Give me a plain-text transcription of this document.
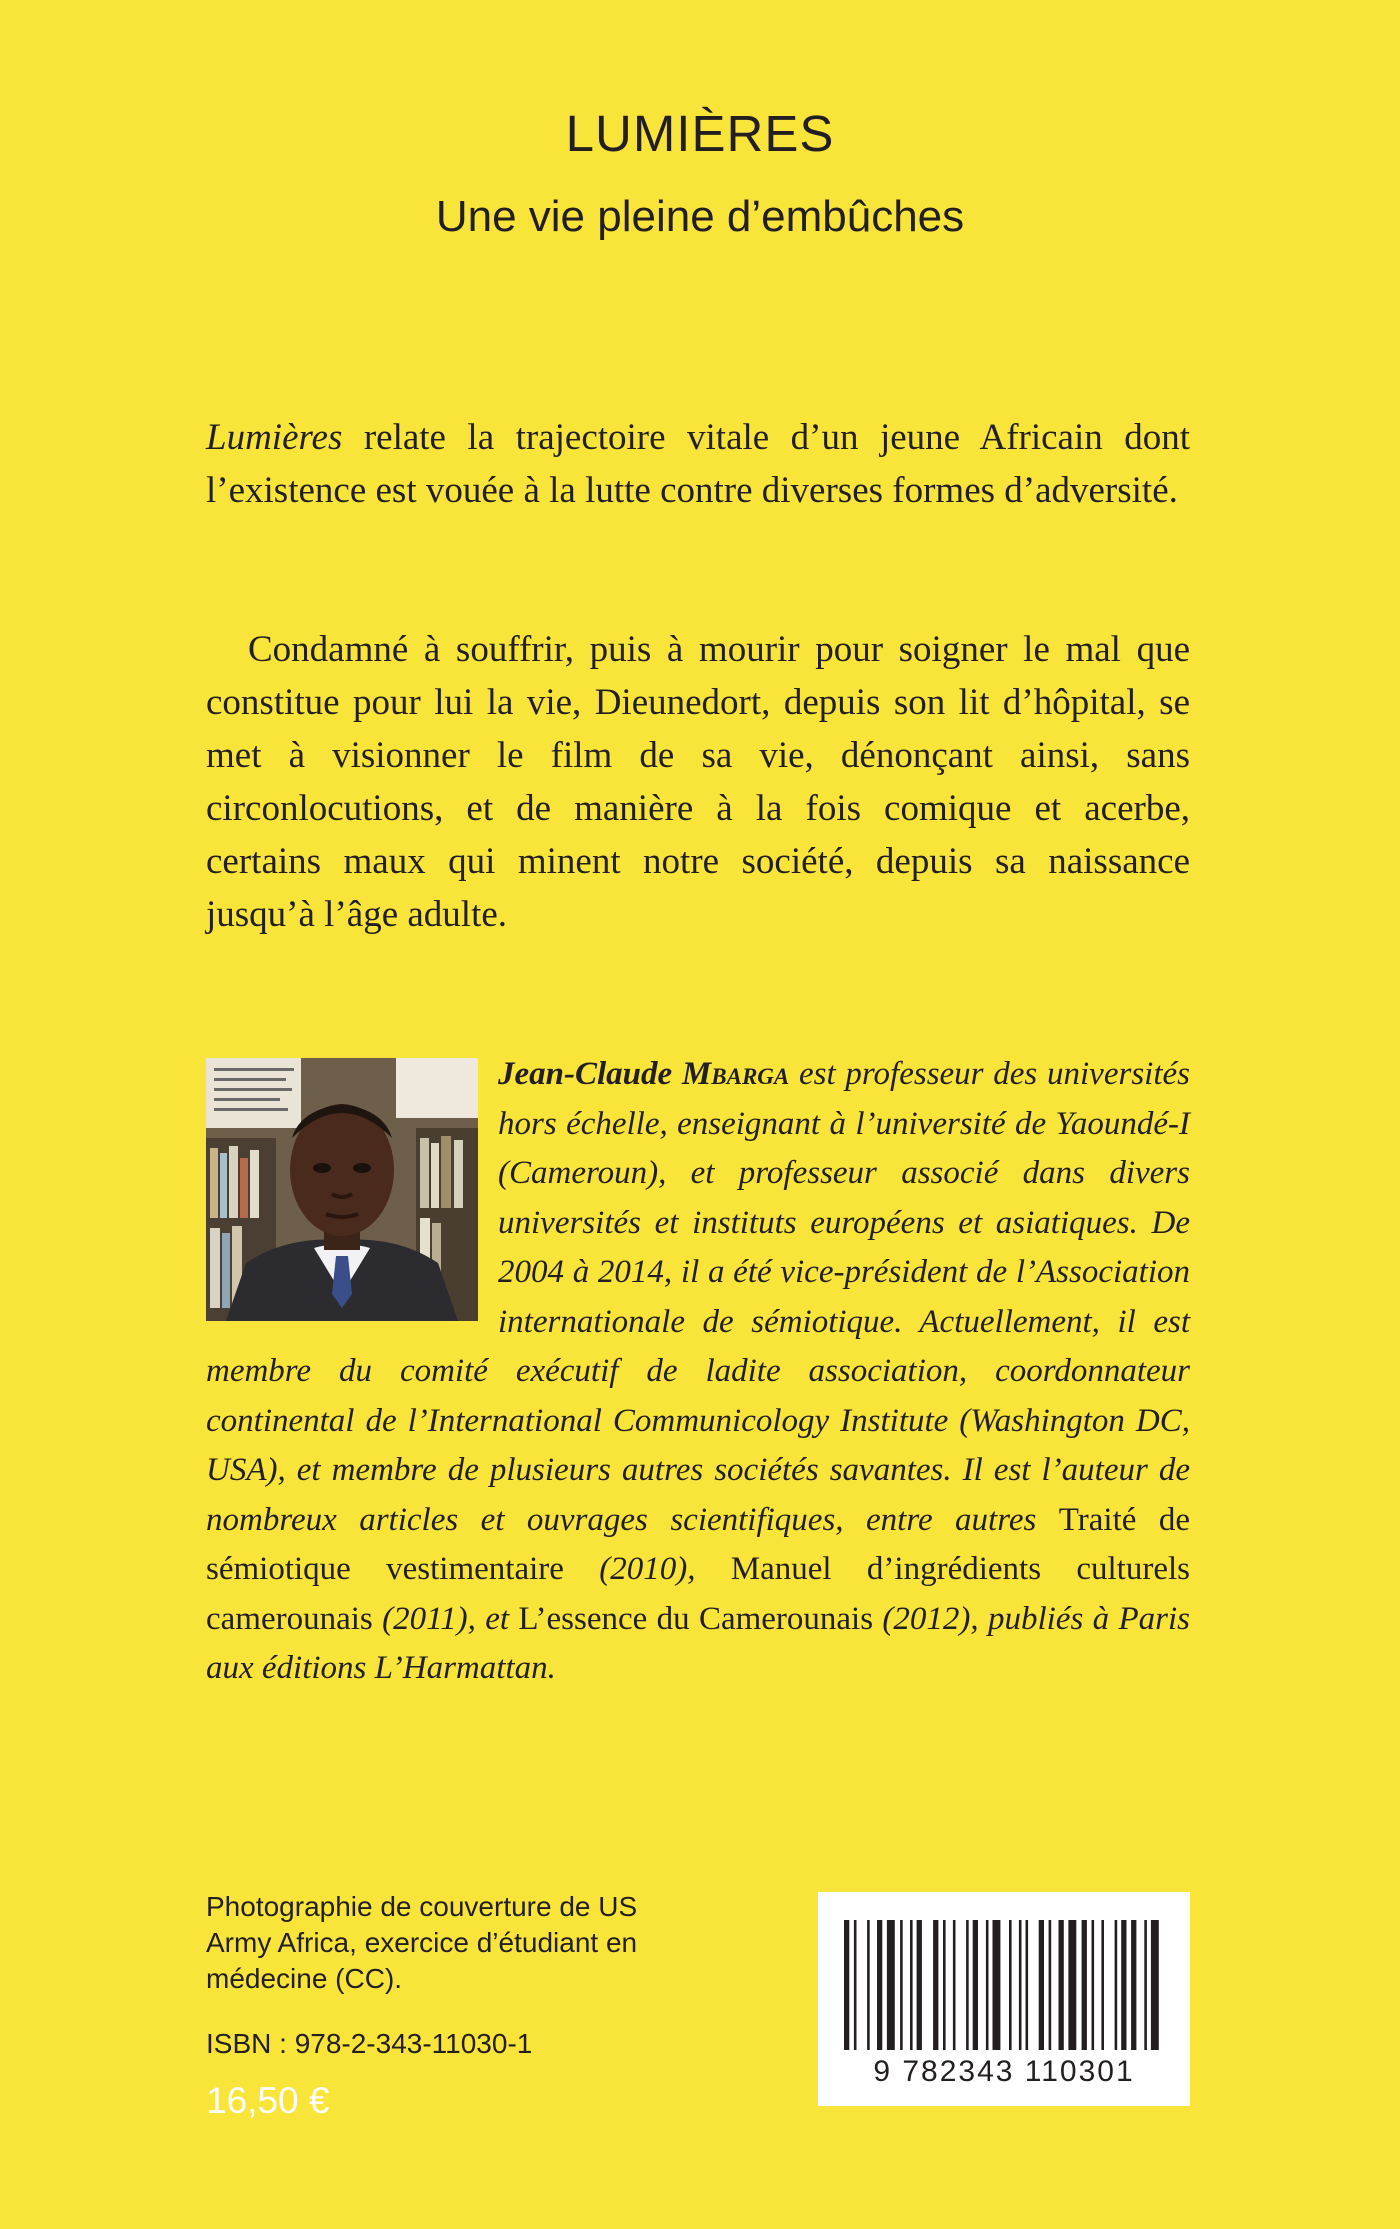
LUMIÈRES
Une vie pleine d’embûches

Lumières relate la trajectoire vitale d’un jeune Africain dont l’existence est vouée à la lutte contre diverses formes d’adversité.

Condamné à souffrir, puis à mourir pour soigner le mal que constitue pour lui la vie, Dieunedort, depuis son lit d’hôpital, se met à visionner le film de sa vie, dénonçant ainsi, sans circonlocutions, et de manière à la fois comique et acerbe, certains maux qui minent notre société, depuis sa naissance jusqu’à l’âge adulte.

Jean-Claude Mbarga est professeur des universités hors échelle, enseignant à l’université de Yaoundé-I (Cameroun), et professeur associé dans divers universités et instituts européens et asiatiques. De 2004 à 2014, il a été vice-président de l’Association internationale de sémiotique. Actuellement, il est membre du comité exécutif de ladite association, coordonnateur continental de l’International Communicology Institute (Washington DC, USA), et membre de plusieurs autres sociétés savantes. Il est l’auteur de nombreux articles et ouvrages scientifiques, entre autres Traité de sémiotique vestimentaire (2010), Manuel d’ingrédients culturels camerounais (2011), et L’essence du Camerounais (2012), publiés à Paris aux éditions L’Harmattan.
Photographie de couverture de US Army Africa, exercice d’étudiant en médecine (CC).
ISBN : 978-2-343-11030-1
16,50 €
9 782343 110301
